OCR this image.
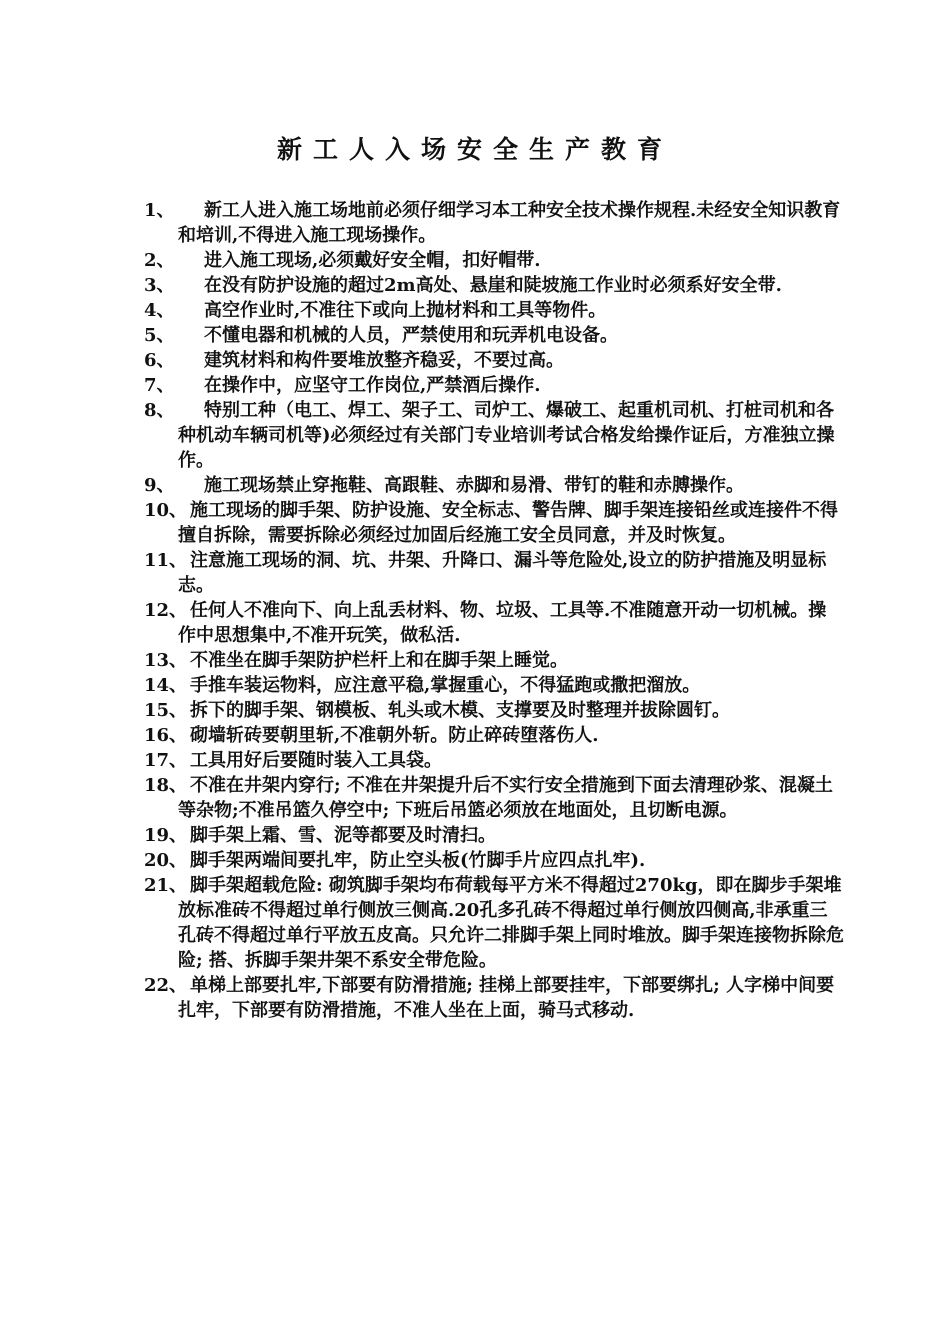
新工人入场安全生产教育
1、	新工人进入施工场地前必须仔细学习本工种安全技术操作规程.未经安全知识教育和培训,不得进入施工现场操作。
2、	进入施工现场,必须戴好安全帽，扣好帽带.
3、	在没有防护设施的超过2m高处、悬崖和陡坡施工作业时必须系好安全带.
4、	高空作业时,不准往下或向上抛材料和工具等物件。
5、	不懂电器和机械的人员，严禁使用和玩弄机电设备。
6、	建筑材料和构件要堆放整齐稳妥，不要过高。
7、	在操作中，应坚守工作岗位,严禁酒后操作.
8、	特别工种（电工、焊工、架子工、司炉工、爆破工、起重机司机、打桩司机和各种机动车辆司机等)必须经过有关部门专业培训考试合格发给操作证后，方准独立操作。
9、	施工现场禁止穿拖鞋、高跟鞋、赤脚和易滑、带钉的鞋和赤膊操作。
10、 施工现场的脚手架、防护设施、安全标志、警告牌、脚手架连接铅丝或连接件不得擅自拆除，需要拆除必须经过加固后经施工安全员同意，并及时恢复。
11、 注意施工现场的洞、坑、井架、升降口、漏斗等危险处,设立的防护措施及明显标志。
12、 任何人不准向下、向上乱丢材料、物、垃圾、工具等.不准随意开动一切机械。操作中思想集中,不准开玩笑，做私活.
13、 不准坐在脚手架防护栏杆上和在脚手架上睡觉。
14、 手推车装运物料，应注意平稳,掌握重心，不得猛跑或撒把溜放。
15、 拆下的脚手架、钢模板、轧头或木模、支撑要及时整理并拔除圆钉。
16、 砌墙斩砖要朝里斩,不准朝外斩。防止碎砖堕落伤人.
17、 工具用好后要随时装入工具袋。
18、 不准在井架内穿行; 不准在井架提升后不实行安全措施到下面去清理砂浆、混凝土等杂物;不准吊篮久停空中; 下班后吊篮必须放在地面处，且切断电源。
19、 脚手架上霜、雪、泥等都要及时清扫。
20、 脚手架两端间要扎牢，防止空头板(竹脚手片应四点扎牢).
21、 脚手架超载危险: 砌筑脚手架均布荷载每平方米不得超过270kg，即在脚步手架堆放标准砖不得超过单行侧放三侧高.20孔多孔砖不得超过单行侧放四侧高,非承重三孔砖不得超过单行平放五皮高。只允许二排脚手架上同时堆放。脚手架连接物拆除危险; 搭、拆脚手架井架不系安全带危险。
22、 单梯上部要扎牢,下部要有防滑措施; 挂梯上部要挂牢，下部要绑扎; 人字梯中间要扎牢，下部要有防滑措施，不准人坐在上面，骑马式移动.
